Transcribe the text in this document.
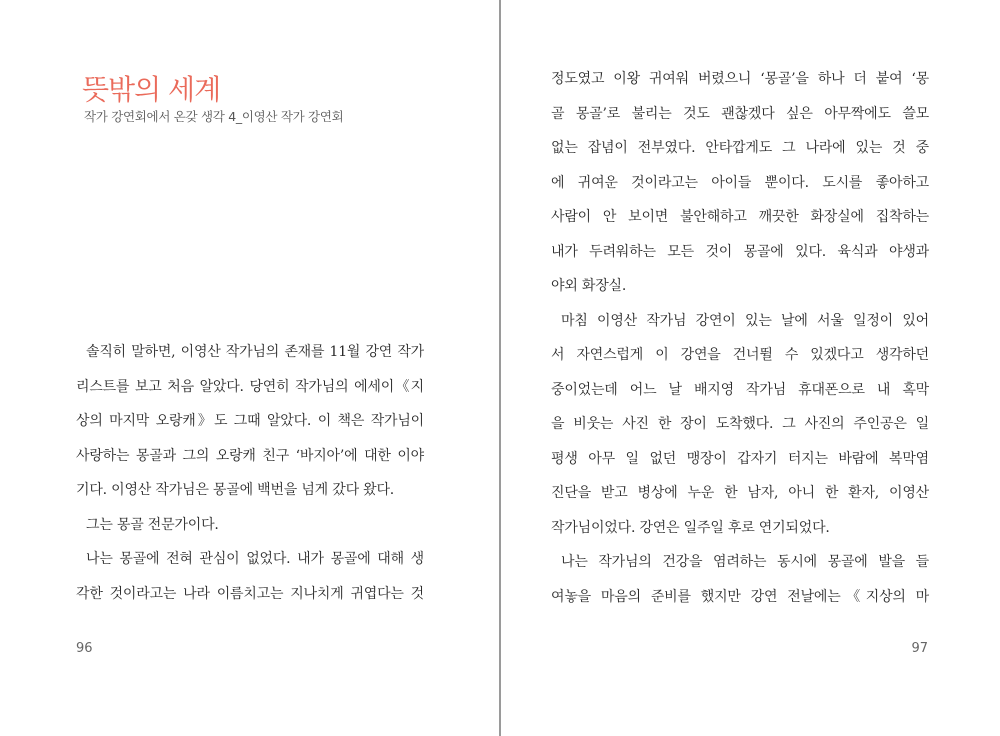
뜻밖의 세계

작가 강연회에서 온갖 생각 4_이영산 작가 강연회

솔직히 말하면, 이영산 작가님의 존재를 11월 강연 작가
리스트를 보고 처음 알았다. 당연히 작가님의 에세이《지
상의 마지막 오랑캐》도 그때 알았다. 이 책은 작가님이
사랑하는 몽골과 그의 오랑캐 친구 ‘바지아’에 대한 이야
기다. 이영산 작가님은 몽골에 백번을 넘게 갔다 왔다.
그는 몽골 전문가이다.
나는 몽골에 전혀 관심이 없었다. 내가 몽골에 대해 생
각한 것이라고는 나라 이름치고는 지나치게 귀엽다는 것
96
정도였고 이왕 귀여워 버렸으니 ‘몽골’을 하나 더 붙여 ‘몽
골 몽골’로 불리는 것도 괜찮겠다 싶은 아무짝에도 쓸모
없는 잡념이 전부였다. 안타깝게도 그 나라에 있는 것 중
에 귀여운 것이라고는 아이들 뿐이다. 도시를 좋아하고
사람이 안 보이면 불안해하고 깨끗한 화장실에 집착하는
내가 두려워하는 모든 것이 몽골에 있다. 육식과 야생과
야외 화장실.
마침 이영산 작가님 강연이 있는 날에 서울 일정이 있어
서 자연스럽게 이 강연을 건너뛸 수 있겠다고 생각하던
중이었는데 어느 날 배지영 작가님 휴대폰으로 내 혹막
을 비웃는 사진 한 장이 도착했다. 그 사진의 주인공은 일
평생 아무 일 없던 맹장이 갑자기 터지는 바람에 복막염
진단을 받고 병상에 누운 한 남자, 아니 한 환자, 이영산
작가님이었다. 강연은 일주일 후로 연기되었다.
나는 작가님의 건강을 염려하는 동시에 몽골에 발을 들
여놓을 마음의 준비를 했지만 강연 전날에는《지상의 마
97
